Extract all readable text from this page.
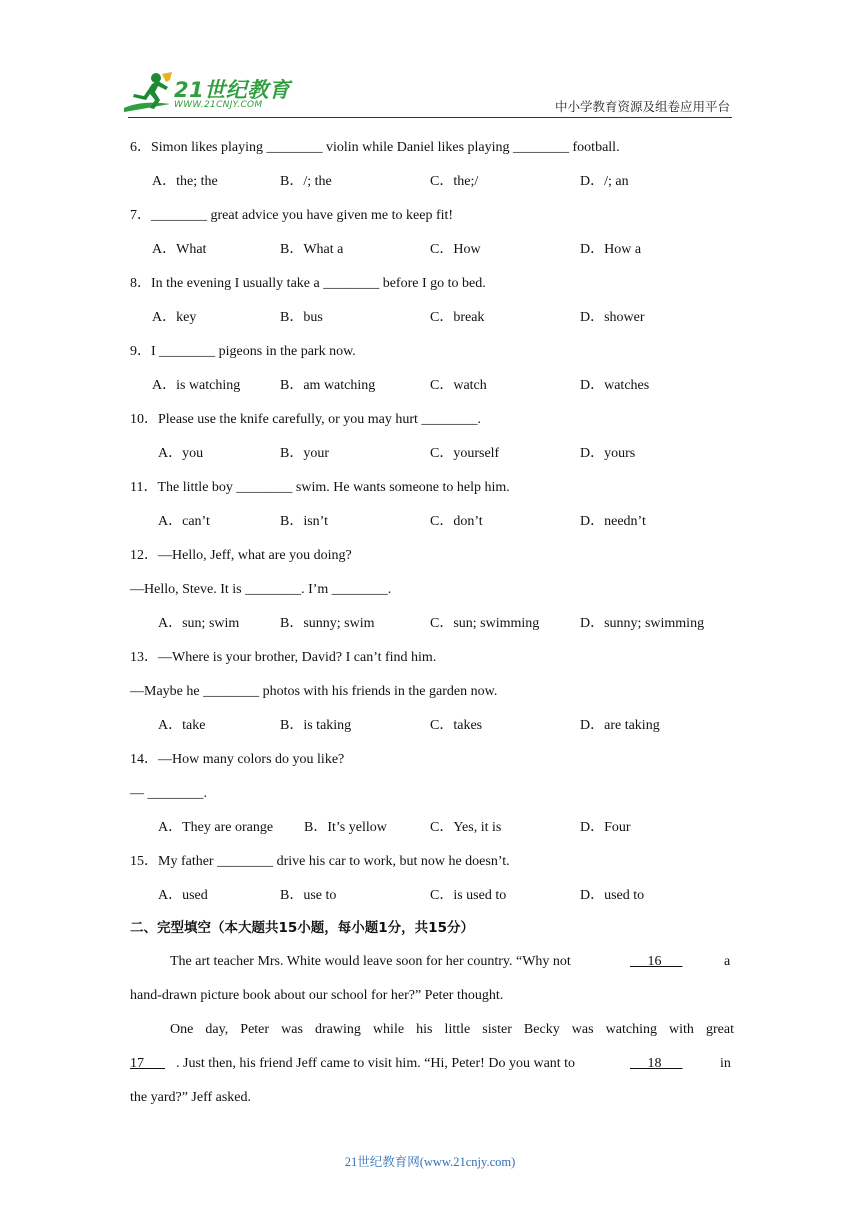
21世纪教育
WWW.21CNJY.COM	中小学教育资源及组卷应用平台
6．Simon likes playing ________ violin while Daniel likes playing ________ football.
A．the; the	B．/; the	C．the;/	D．/; an
7．________ great advice you have given me to keep fit!
A．What	B．What a	C．How	D．How a
8．In the evening I usually take a ________ before I go to bed.
A．key	B．bus	C．break	D．shower
9．I ________ pigeons in the park now.
A．is watching	B．am watching	C．watch	D．watches
10．Please use the knife carefully, or you may hurt ________.
A．you	B．your	C．yourself	D．yours
11．The little boy ________ swim. He wants someone to help him.
A．can’t	B．isn’t	C．don’t	D．needn’t
12．—Hello, Jeff, what are you doing?
—Hello, Steve. It is ________. I’m ________.
A．sun; swim	B．sunny; swim	C．sun; swimming	D．sunny; swimming
13．—Where is your brother, David? I can’t find him.
—Maybe he ________ photos with his friends in the garden now.
A．take	B．is taking	C．takes	D．are taking
14．—How many colors do you like?
— ________.
A．They are orange B．It’s yellow	C．Yes, it is	D．Four
15．My father ________ drive his car to work, but now he doesn’t.
A．used	B．use to	C．is used to	D．used to
二、完型填空（本大题共15小题，每小题1分，共15分）
The art teacher Mrs. White would leave soon for her country. “Why not	16	a
hand-drawn picture book about our school for her?” Peter thought.
One day, Peter was drawing while his little sister Becky was watching with great
17	. Just then, his friend Jeff came to visit him. “Hi, Peter! Do you want to	18	in
the yard?” Jeff asked.
21世纪教育网(www.21cnjy.com)
